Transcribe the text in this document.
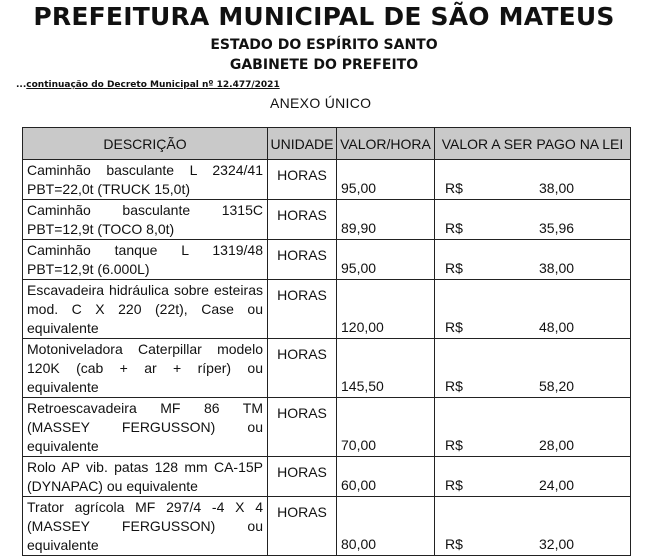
PREFEITURA MUNICIPAL DE SÃO MATEUS
ESTADO DO ESPÍRITO SANTO
GABINETE DO PREFEITO
...continuação do Decreto Municipal nº 12.477/2021
ANEXO ÚNICO
DESCRIÇÃO	UNIDADE	VALOR/HORA	VALOR A SER PAGO NA LEI

Caminhão basculante L 2324/41
PBT=22,0t (TRUCK 15,0t)	HORAS	95,00	R$ 38,00

Caminhão basculante 1315C
PBT=12,9t (TOCO 8,0t)	HORAS	89,90	R$ 35,96

Caminhão tanque L 1319/48
PBT=12,9t (6.000L)	HORAS	95,00	R$ 38,00

Escavadeira hidráulica sobre esteiras
mod. C X 220 (22t), Case ou
equivalente	HORAS	120,00	R$ 48,00

Motoniveladora Caterpillar modelo
120K (cab + ar + ríper) ou equivalente	HORAS	145,50	R$ 58,20

Retroescavadeira MF 86 TM
(MASSEY FERGUSSON) ou
equivalente	HORAS	70,00	R$ 28,00

Rolo AP vib. patas 128 mm CA-15P
(DYNAPAC) ou equivalente	HORAS	60,00	R$ 24,00

Trator agrícola MF 297/4 -4 X 4
(MASSEY FERGUSSON) ou
equivalente	HORAS	80,00	R$ 32,00
